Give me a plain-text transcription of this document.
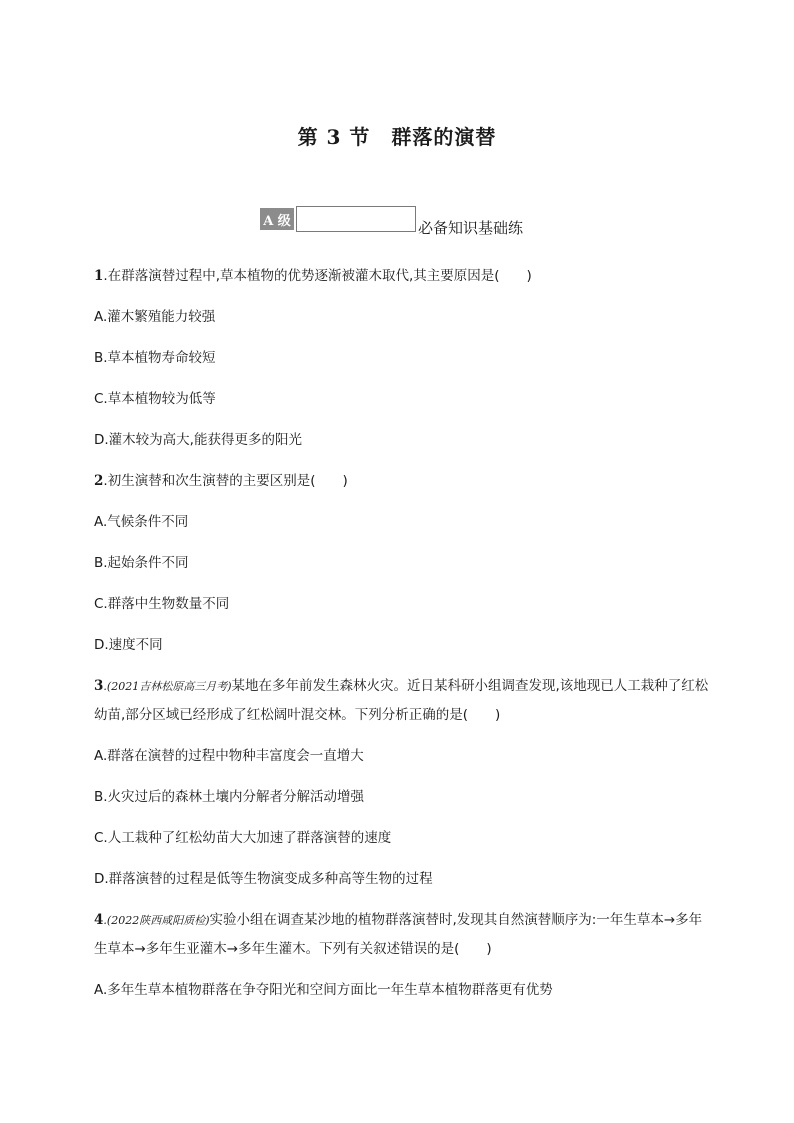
第 3 节　群落的演替
A 级	必备知识基础练

1.在群落演替过程中,草本植物的优势逐渐被灌木取代,其主要原因是(　　)

A.灌木繁殖能力较强

B.草本植物寿命较短

C.草本植物较为低等

D.灌木较为高大,能获得更多的阳光

2.初生演替和次生演替的主要区别是(　　)

A.气候条件不同

B.起始条件不同

C.群落中生物数量不同

D.速度不同

3.(2021吉林松原高三月考)某地在多年前发生森林火灾。近日某科研小组调查发现,该地现已人工栽种了红松幼苗,部分区域已经形成了红松阔叶混交林。下列分析正确的是(　　)

A.群落在演替的过程中物种丰富度会一直增大

B.火灾过后的森林土壤内分解者分解活动增强

C.人工栽种了红松幼苗大大加速了群落演替的速度

D.群落演替的过程是低等生物演变成多种高等生物的过程

4.(2022陕西咸阳质检)实验小组在调查某沙地的植物群落演替时,发现其自然演替顺序为:一年生草本→多年生草本→多年生亚灌木→多年生灌木。下列有关叙述错误的是(　　)

A.多年生草本植物群落在争夺阳光和空间方面比一年生草本植物群落更有优势
